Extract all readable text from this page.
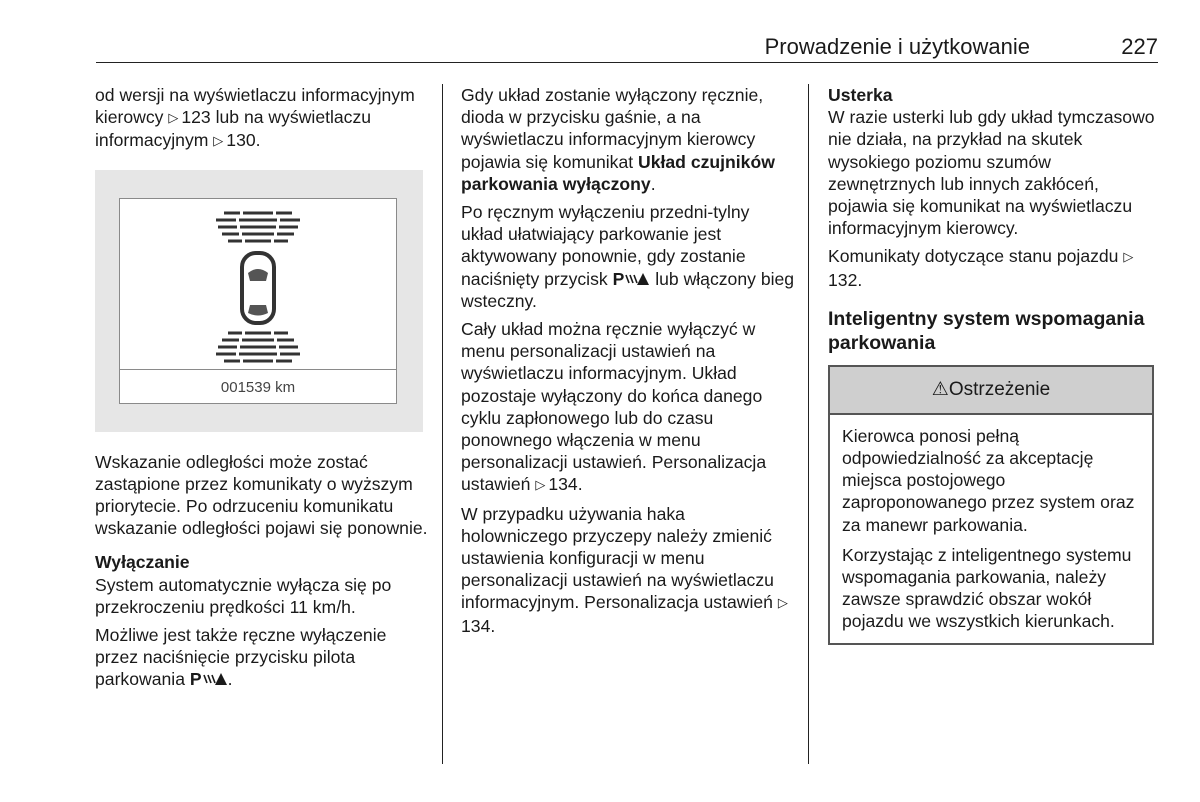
Prowadzenie i użytkowanie	227

od wersji na wyświetlaczu informacyjnym kierowcy ▷ 123 lub na wyświetlaczu informacyjnym ▷ 130.

001539 km

Wskazanie odległości może zostać zastąpione przez komunikaty o wyższym priorytecie. Po odrzuceniu komunikatu wskazanie odległości pojawi się ponownie.

Wyłączanie

System automatycznie wyłącza się po przekroczeniu prędkości 11 km/h.

Możliwe jest także ręczne wyłączenie przez naciśnięcie przycisku pilota parkowania P .

Gdy układ zostanie wyłączony ręcznie, dioda w przycisku gaśnie, a na wyświetlaczu informacyjnym kierowcy pojawia się komunikat Układ czujników parkowania wyłączony.

Po ręcznym wyłączeniu przedni-tylny układ ułatwiający parkowanie jest aktywowany ponownie, gdy zostanie naciśnięty przycisk P lub włączony bieg wsteczny.

Cały układ można ręcznie wyłączyć w menu personalizacji ustawień na wyświetlaczu informacyjnym. Układ pozostaje wyłączony do końca danego cyklu zapłonowego lub do czasu ponownego włączenia w menu personalizacji ustawień. Personalizacja ustawień ▷ 134.

W przypadku używania haka holowniczego przyczepy należy zmienić ustawienia konfiguracji w menu personalizacji ustawień na wyświetlaczu informacyjnym. Personalizacja ustawień ▷134.

Usterka

W razie usterki lub gdy układ tymczasowo nie działa, na przykład na skutek wysokiego poziomu szumów zewnętrznych lub innych zakłóceń, pojawia się komunikat na wyświetlaczu informacyjnym kierowcy.

Komunikaty dotyczące stanu pojazdu ▷132.

Inteligentny system wspomagania parkowania
⚠Ostrzeżenie

Kierowca ponosi pełną odpowiedzialność za akceptację miejsca postojowego zaproponowanego przez system oraz za manewr parkowania.

Korzystając z inteligentnego systemu wspomagania parkowania, należy zawsze sprawdzić obszar wokół pojazdu we wszystkich kierunkach.
